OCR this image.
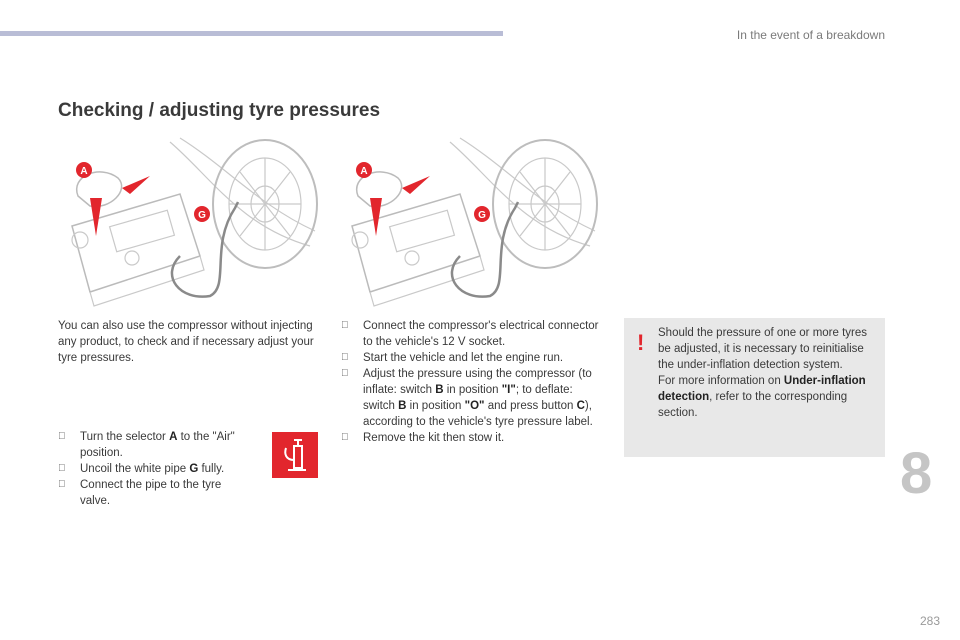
In the event of a breakdown
Checking / adjusting tyre pressures
A
G
A
G

You can also use the compressor without injecting any product, to check and if necessary adjust your tyre pressures.

Turn the selector A to the "Air" position.
Uncoil the white pipe G fully.
Connect the pipe to the tyre valve.
Connect the compressor's electrical connector to the vehicle's 12 V socket.
Start the vehicle and let the engine run.
Adjust the pressure using the compressor (to inflate: switch B in position "I"; to deflate: switch B in position "O" and press button C), according to the vehicle's tyre pressure label.
Remove the kit then stow it.
! Should the pressure of one or more tyres be adjusted, it is necessary to reinitialise the under-inflation detection system.
For more information on Under-inflation detection, refer to the corresponding section.
8
283
